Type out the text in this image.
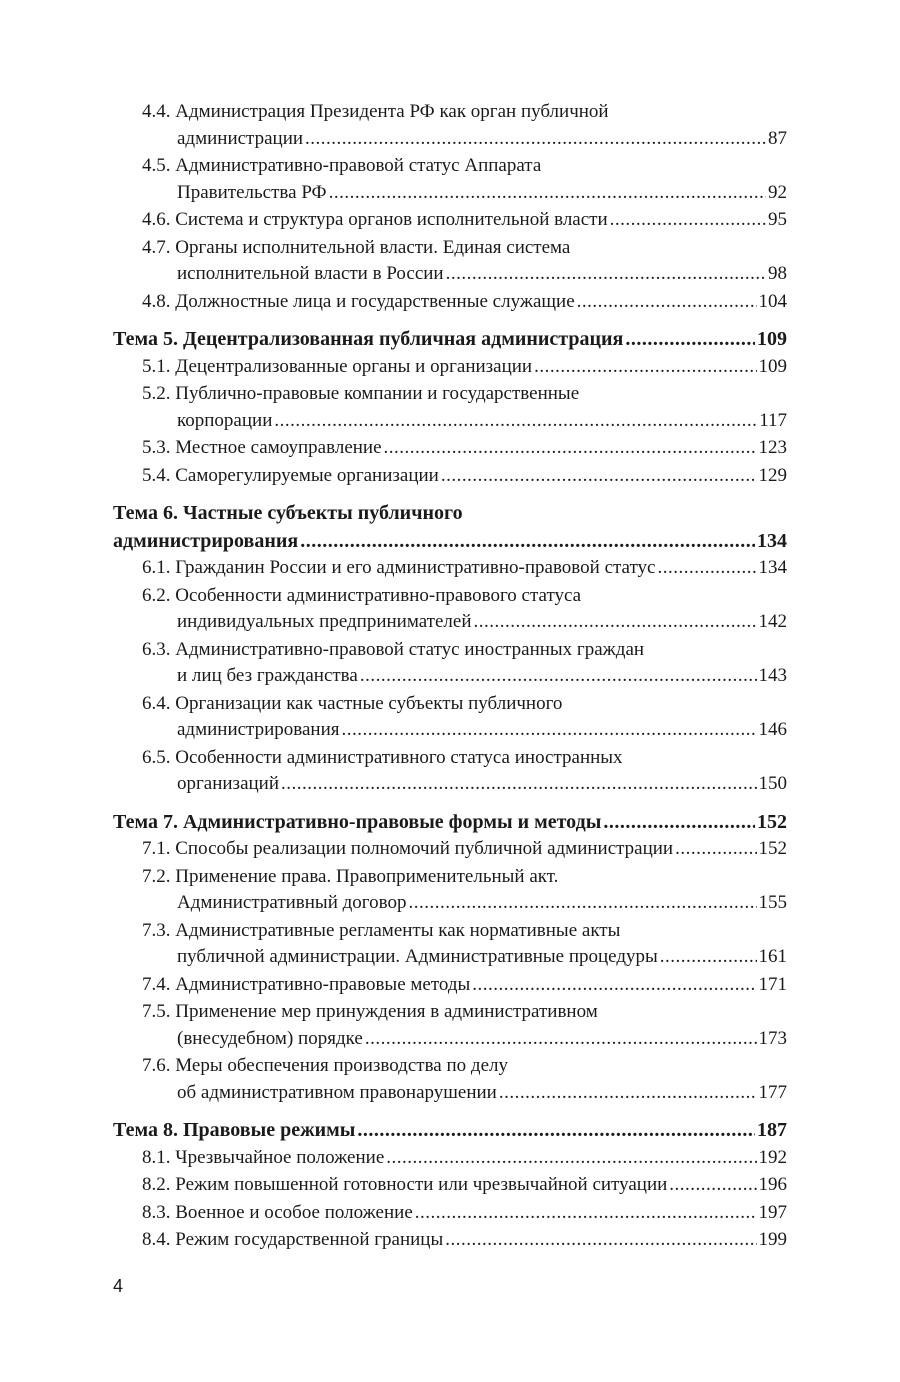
4.4. Администрация Президента РФ как орган публичной
администрации .....	87
4.5. Административно-правовой статус Аппарата
Правительства РФ .....	92
4.6. Система и структура органов исполнительной власти .....	95
4.7. Органы исполнительной власти. Единая система
исполнительной власти в России .....	98
4.8. Должностные лица и государственные служащие .....	104
Тема 5. Децентрализованная публичная администрация .....	109
5.1. Децентрализованные органы и организации .....	109
5.2. Публично-правовые компании и государственные
корпорации .....	117
5.3. Местное самоуправление .....	123
5.4. Саморегулируемые организации .....	129
Тема 6. Частные субъекты публичного
администрирования .....	134
6.1. Гражданин России и его административно-правовой статус .....	134
6.2. Особенности административно-правового статуса
индивидуальных предпринимателей .....	142
6.3. Административно-правовой статус иностранных граждан
и лиц без гражданства .....	143
6.4. Организации как частные субъекты публичного
администрирования .....	146
6.5. Особенности административного статуса иностранных
организаций .....	150
Тема 7. Административно-правовые формы и методы .....	152
7.1. Способы реализации полномочий публичной администрации .....	152
7.2. Применение права. Правоприменительный акт.
Административный договор .....	155
7.3. Административные регламенты как нормативные акты
публичной администрации. Административные процедуры .....	161
7.4. Административно-правовые методы .....	171
7.5. Применение мер принуждения в административном
(внесудебном) порядке .....	173
7.6. Меры обеспечения производства по делу
об административном правонарушении .....	177
Тема 8. Правовые режимы .....	187
8.1. Чрезвычайное положение .....	192
8.2. Режим повышенной готовности или чрезвычайной ситуации .....	196
8.3. Военное и особое положение .....	197
8.4. Режим государственной границы .....	199
4
